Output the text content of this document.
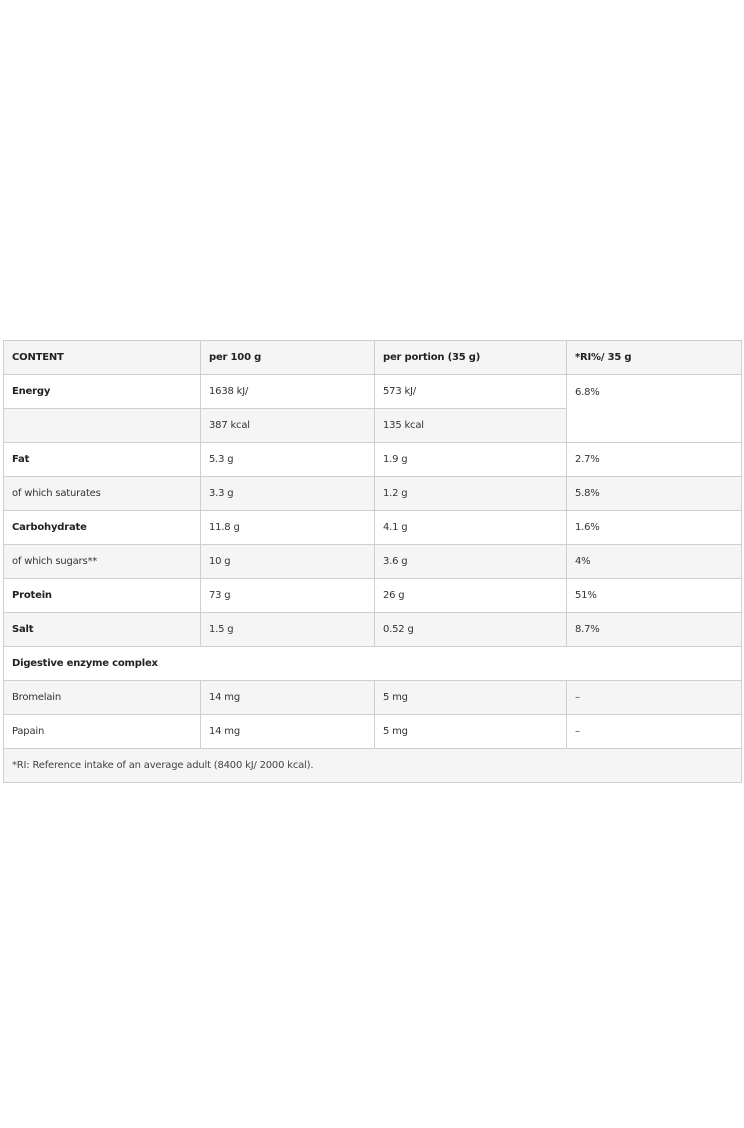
CONTENT	per 100 g	per portion (35 g)	*RI%/ 35 g
Energy	1638 kJ/	573 kJ/	6.8%
	387 kcal	135 kcal	
Fat	5.3 g	1.9 g	2.7%
of which saturates	3.3 g	1.2 g	5.8%
Carbohydrate	11.8 g	4.1 g	1.6%
of which sugars**	10 g	3.6 g	4%
Protein	73 g	26 g	51%
Salt	1.5 g	0.52 g	8.7%
Digestive enzyme complex			
Bromelain	14 mg	5 mg	–
Papain	14 mg	5 mg	–
*RI: Reference intake of an average adult (8400 kJ/ 2000 kcal).			
